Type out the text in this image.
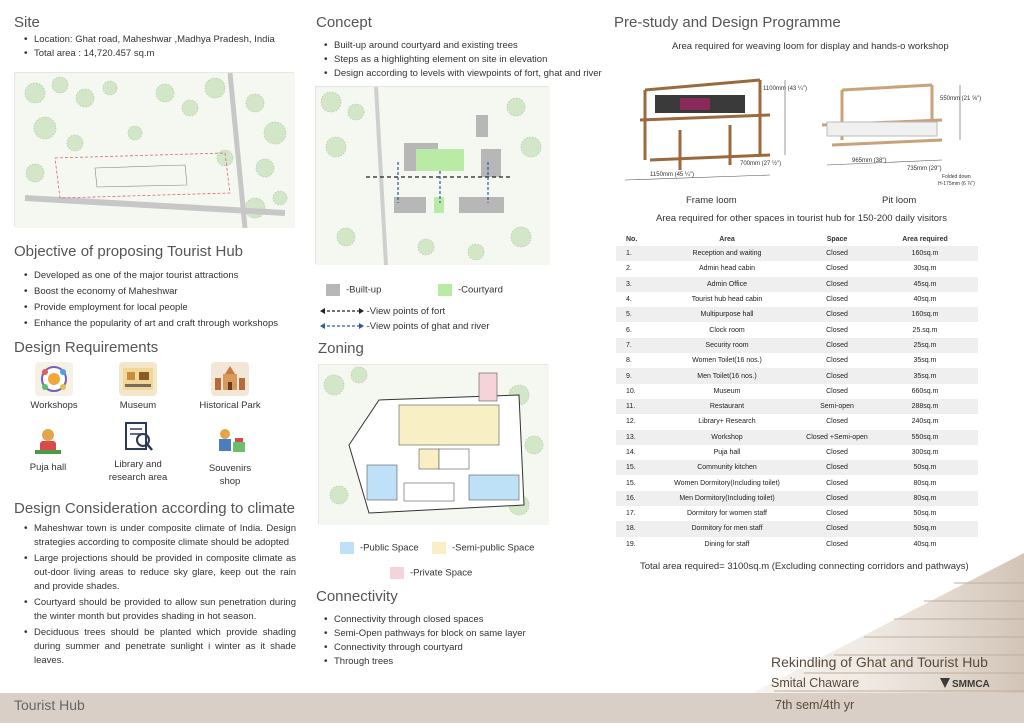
Site
• Location: Ghat road, Maheshwar ,Madhya Pradesh, India
• Total area : 14,720.457 sq.m
Objective of proposing Tourist Hub
• Developed as one of the major tourist attractions
• Boost the economy of Maheshwar
• Provide employment for local people
• Enhance the popularity of art and craft through workshops
Design Requirements
Workshops	Museum	Historical Park
Puja hall	Library and research area
Souvenirs shop
Design Consideration according to climate
• Maheshwar town is under composite climate of India. Design strategies according to composite climate should be adopted
• Large projections should be provided in composite climate as out-door living areas to reduce sky glare, keep out the rain and provide shades.
• Courtyard should be provided to allow sun penetration during the winter month but provides shading in hot season.
• Deciduous trees should be planted which provide shading during summer and penetrate sunlight i winter as it shade leaves.
Concept
• Built-up around courtyard and existing trees
• Steps as a highlighting element on site in elevation
• Design according to levels with viewpoints of fort, ghat and river
-Built-up	-Courtyard
-View points of fort
-View points of ghat and river
Zoning
-Public Space	-Semi-public Space
-Private Space
Connectivity
• Connectivity through closed spaces
• Semi-Open pathways for block on same layer
• Connectivity through courtyard
• Through trees
Pre-study and Design Programme
Area required for weaving loom for display and hands-o workshop
1150mm (45 ¼")
700mm (27 ½")
1100mm (43 ¼")
Frame loom
965mm (38")
735mm (29")
550mm (21 ⅝")
Folded down
H-175mm (6 ⅞")
Pit loom
Area required for other spaces in tourist hub for 150-200 daily visitors
No.	Area	Space	Area required
1.	Reception and waiting	Closed	160sq.m
2.	Admin head cabin	Closed	30sq.m
3.	Admin Office	Closed	45sq.m
4.	Tourist hub head cabin	Closed	40sq.m
5.	Multipurpose hall	Closed	160sq.m
6.	Clock room	Closed	25.sq.m
7.	Security room	Closed	25sq.m
8.	Women Toilet(16 nos.)	Closed	35sq.m
9.	Men Toilet(16 nos.)	Closed	35sq.m
10.	Museum	Closed	660sq.m
11.	Restaurant	Semi-open	288sq.m
12.	Library+ Research	Closed	240sq.m
13.	Workshop	Closed +Semi-open	550sq.m
14.	Puja hall	Closed	300sq.m
15.	Community kitchen	Closed	50sq.m
15.	Women Dormitory(Including toilet)	Closed	80sq.m
16.	Men Dormitory(Including toilet)	Closed	80sq.m
17.	Dormitory for women staff	Closed	50sq.m
18.	Dormitory for men staff	Closed	50sq.m
19.	Dining for staff	Closed	40sq.m
Total area required= 3100sq.m (Excluding connecting corridors and pathways)
Tourist Hub
Rekindling of Ghat and Tourist Hub
Smital Chaware
7th sem/4th yr
SMMCA
